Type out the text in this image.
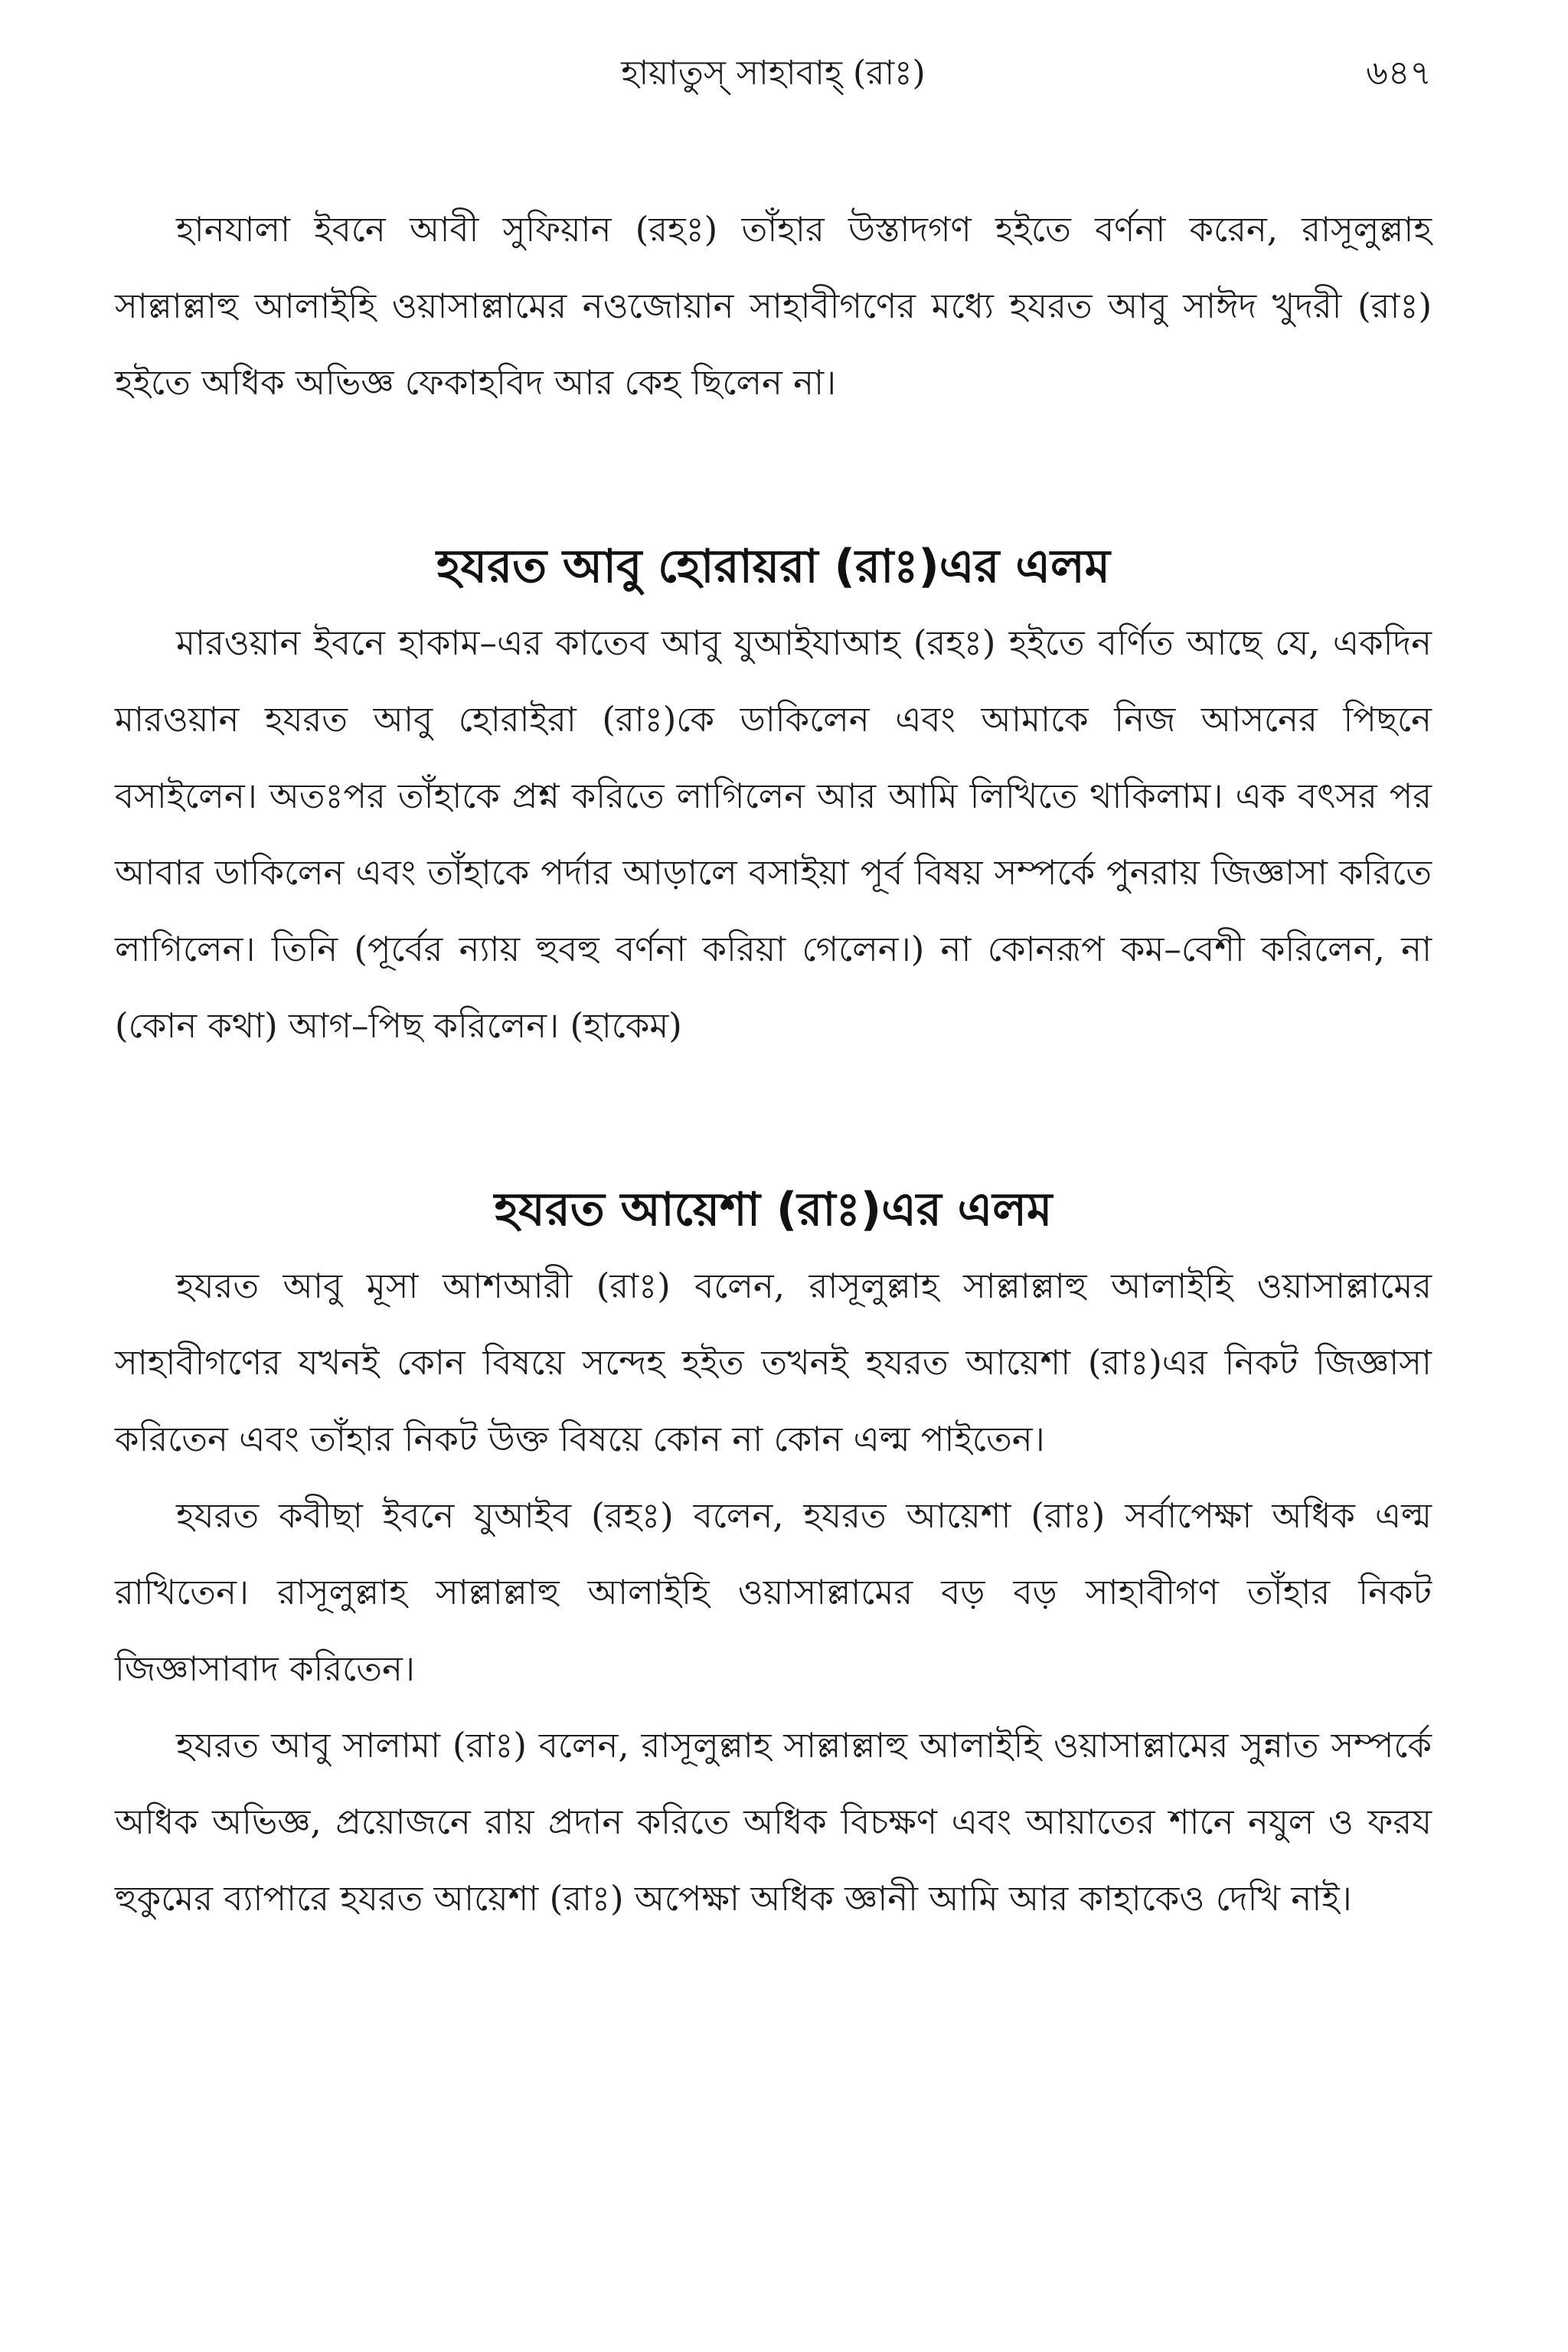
হায়াতুস্ সাহাবাহ্ (রাঃ)	৬৪৭

হানযালা ইবনে আবী সুফিয়ান (রহঃ) তাঁহার উস্তাদগণ হইতে বর্ণনা করেন, রাসূলুল্লাহ সাল্লাল্লাহু আলাইহি ওয়াসাল্লামের নওজোয়ান সাহাবীগণের মধ্যে হযরত আবু সাঈদ খুদরী (রাঃ) হইতে অধিক অভিজ্ঞ ফেকাহবিদ আর কেহ ছিলেন না।

হযরত আবু হোরায়রা (রাঃ)এর এলম

মারওয়ান ইবনে হাকাম–এর কাতেব আবু যুআইযাআহ (রহঃ) হইতে বর্ণিত আছে যে, একদিন মারওয়ান হযরত আবু হোরাইরা (রাঃ)কে ডাকিলেন এবং আমাকে নিজ আসনের পিছনে বসাইলেন। অতঃপর তাঁহাকে প্রশ্ন করিতে লাগিলেন আর আমি লিখিতে থাকিলাম। এক বৎসর পর আবার ডাকিলেন এবং তাঁহাকে পর্দার আড়ালে বসাইয়া পূর্ব বিষয় সম্পর্কে পুনরায় জিজ্ঞাসা করিতে লাগিলেন। তিনি (পূর্বের ন্যায় হুবহু বর্ণনা করিয়া গেলেন।) না কোনরূপ কম–বেশী করিলেন, না (কোন কথা) আগ–পিছ করিলেন। (হাকেম)

হযরত আয়েশা (রাঃ)এর এলম

হযরত আবু মূসা আশআরী (রাঃ) বলেন, রাসূলুল্লাহ সাল্লাল্লাহু আলাইহি ওয়াসাল্লামের সাহাবীগণের যখনই কোন বিষয়ে সন্দেহ হইত তখনই হযরত আয়েশা (রাঃ)এর নিকট জিজ্ঞাসা করিতেন এবং তাঁহার নিকট উক্ত বিষয়ে কোন না কোন এল্ম পাইতেন।

হযরত কবীছা ইবনে যুআইব (রহঃ) বলেন, হযরত আয়েশা (রাঃ) সর্বাপেক্ষা অধিক এল্ম রাখিতেন। রাসূলুল্লাহ সাল্লাল্লাহু আলাইহি ওয়াসাল্লামের বড় বড় সাহাবীগণ তাঁহার নিকট জিজ্ঞাসাবাদ করিতেন।

হযরত আবু সালামা (রাঃ) বলেন, রাসূলুল্লাহ সাল্লাল্লাহু আলাইহি ওয়াসাল্লামের সুন্নাত সম্পর্কে অধিক অভিজ্ঞ, প্রয়োজনে রায় প্রদান করিতে অধিক বিচক্ষণ এবং আয়াতের শানে নযুল ও ফরয হুকুমের ব্যাপারে হযরত আয়েশা (রাঃ) অপেক্ষা অধিক জ্ঞানী আমি আর কাহাকেও দেখি নাই।
